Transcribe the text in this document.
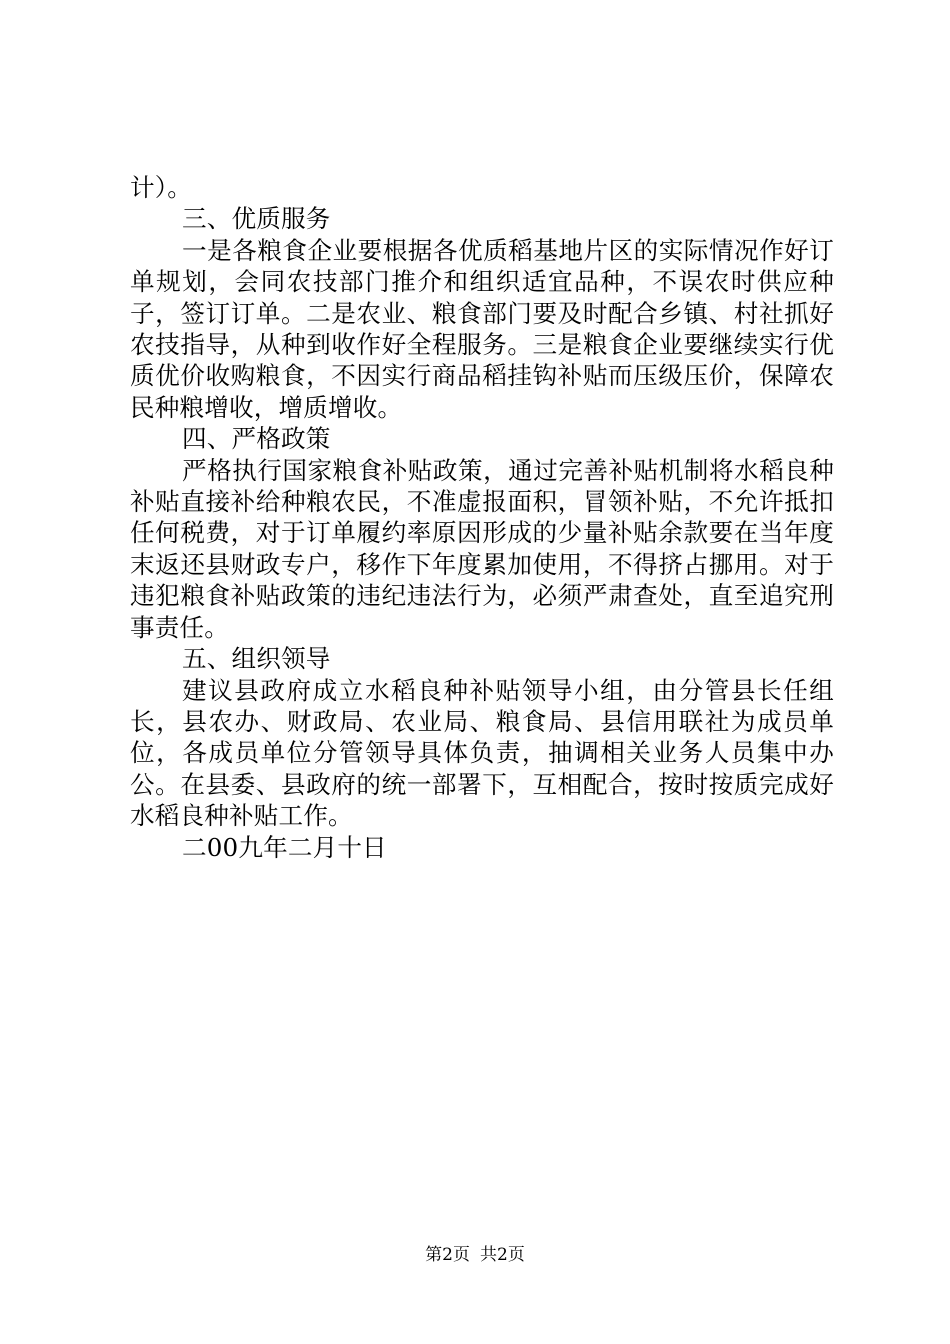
计）。

三、优质服务

一是各粮食企业要根据各优质稻基地片区的实际情况作好订单规划，会同农技部门推介和组织适宜品种，不误农时供应种子，签订订单。二是农业、粮食部门要及时配合乡镇、村社抓好农技指导，从种到收作好全程服务。三是粮食企业要继续实行优质优价收购粮食，不因实行商品稻挂钩补贴而压级压价，保障农民种粮增收，增质增收。

四、严格政策

严格执行国家粮食补贴政策，通过完善补贴机制将水稻良种补贴直接补给种粮农民，不准虚报面积，冒领补贴，不允许抵扣任何税费，对于订单履约率原因形成的少量补贴余款要在当年度末返还县财政专户，移作下年度累加使用，不得挤占挪用。对于违犯粮食补贴政策的违纪违法行为，必须严肃查处，直至追究刑事责任。

五、组织领导

建议县政府成立水稻良种补贴领导小组，由分管县长任组长，县农办、财政局、农业局、粮食局、县信用联社为成员单位，各成员单位分管领导具体负责，抽调相关业务人员集中办公。在县委、县政府的统一部署下，互相配合，按时按质完成好水稻良种补贴工作。

二00九年二月十日

第2页 共2页
